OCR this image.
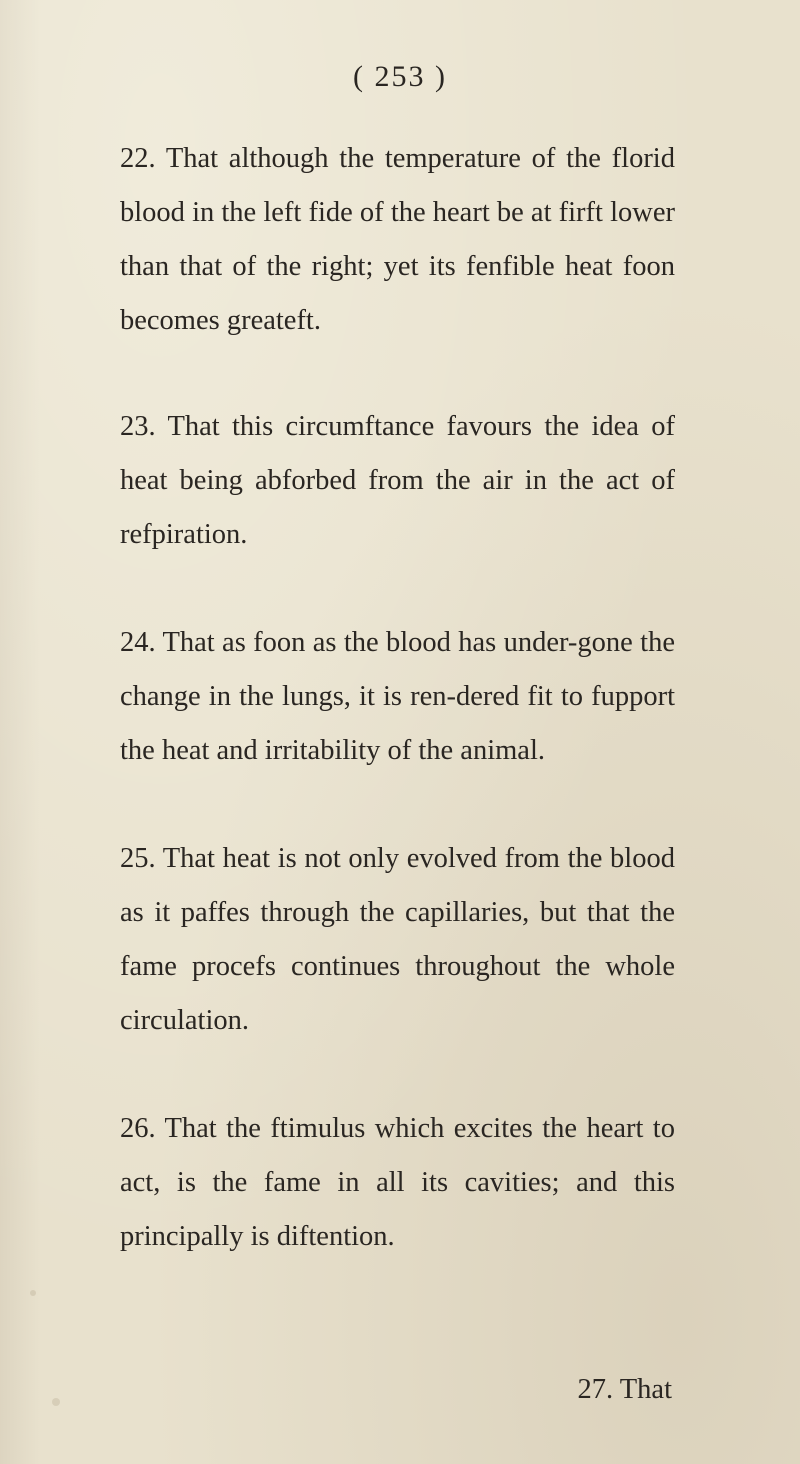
( 253 )

22. That although the temperature of the florid blood in the left fide of the heart be at firft lower than that of the right; yet its fenfible heat foon becomes greateft.

23. That this circumftance favours the idea of heat being abforbed from the air in the act of refpiration.

24. That as foon as the blood has under-gone the change in the lungs, it is ren-dered fit to fupport the heat and irritability of the animal.

25. That heat is not only evolved from the blood as it paffes through the capillaries, but that the fame procefs continues throughout the whole circulation.

26. That the ftimulus which excites the heart to act, is the fame in all its cavities; and this principally is diftention.

27. That
